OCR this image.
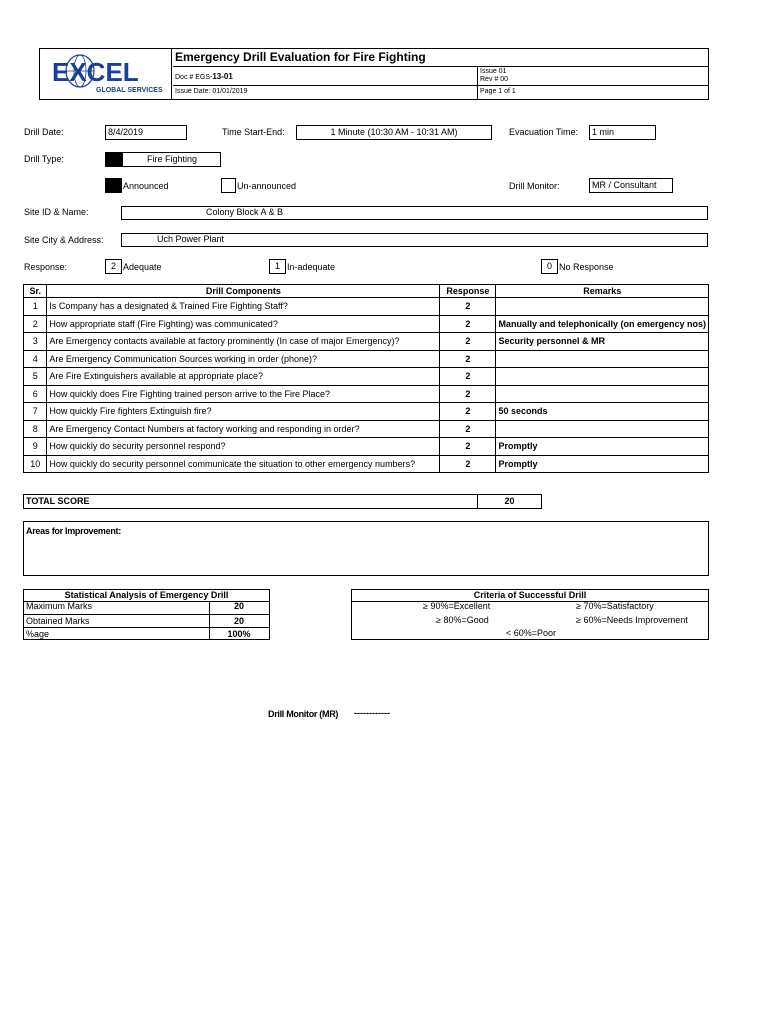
EXCEL
GLOBAL SERVICES
Emergency Drill Evaluation for Fire Fighting
Doc # EGS-13-01
Issue 01
Rev # 00
Issue Date: 01/01/2019	Page 1 of 1
Drill Date:	8/4/2019	Time Start-End:	1 Minute (10:30 AM - 10:31 AM)	Evacuation Time:	1 min
Drill Type:	Fire Fighting
Announced	Un-announced	Drill Monitor:	MR / Consultant
Site ID & Name:	Colony Block A & B
Site City & Address:	Uch Power Plant
Response:	2 Adequate	1 In-adequate	0 No Response
Sr.	Drill Components	Response	Remarks
1	Is Company has a designated & Trained Fire Fighting Staff?	2	
2	How appropriate staff (Fire Fighting) was communicated?	2	Manually and telephonically (on emergency nos)
3	Are Emergency contacts available at factory prominently (In case of major Emergency)?	2	Security personnel & MR
4	Are Emergency Communication Sources working in order (phone)?	2	
5	Are Fire Extinguishers available at appropriate place?	2	
6	How quickly does Fire Fighting trained person arrive to the Fire Place?	2	
7	How quickly Fire fighters Extinguish fire?	2	50 seconds
8	Are Emergency Contact Numbers at factory working and responding in order?	2	
9	How quickly do security personnel respond?	2	Promptly
10	How quickly do security personnel communicate the situation to other emergency numbers?	2	Promptly
TOTAL SCORE	20
Areas for Improvement:
Statistical Analysis of Emergency Drill
Maximum Marks	20
Obtained Marks	20
%age	100%
Criteria of Successful Drill
≥ 90%=Excellent	≥ 70%=Satisfactory
≥ 80%=Good	≥ 60%=Needs Improvement
< 60%=Poor
Drill Monitor (MR) ------------
